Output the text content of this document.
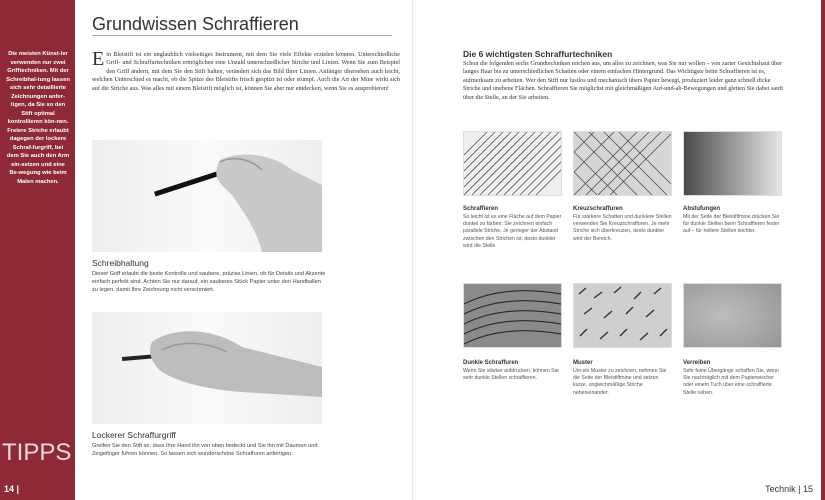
Die meisten Künst-ler verwenden nur zwei Grifftechniken. Mit der Schreibhal-tung lassen sich sehr detaillierte Zeichnungen anfer-tigen, da Sie so den Stift optimal kontrollieren kön-nen. Freiere Striche erlaubt dagegen der lockere Schraf-furgriff, bei dem Sie auch den Arm ein-setzen und eine Be-wegung wie beim Malen machen.
TIPPS
14 |
Grundwissen Schraffieren
E in Bleistift ist ein unglaublich vielseitiges Instrument, mit dem Sie viele Effekte erzielen können. Unterschiedliche Griff- und Schraffurtechniken ermöglichen eine Unzahl unterschiedlicher Striche und Linien. Wenn Sie zum Beispiel den Griff ändern, mit dem Sie den Stift halten, verändert sich das Bild Ihrer Linien. Anfänger übersehen auch leicht, welchen Unterschied es macht, ob die Spitze des Bleistifts frisch gespitzt ist oder stumpf. Auch die Art der Mine wirkt sich auf die Striche aus. Was alles mit einem Bleistift möglich ist, können Sie aber nur entdecken, wenn Sie es ausprobieren!
Schreibhaltung
Dieser Griff erlaubt die beste Kontrolle und saubere, präzise Linien, ob für Details und Akzente einfach perfekt sind. Achten Sie nur darauf, ein sauberes Stück Papier unter den Handballen zu legen, damit Ihre Zeichnung nicht verschmiert.
Lockerer Schraffurgriff
Greifen Sie den Stift so, dass Ihre Hand ihn von oben bedeckt und Sie ihn mit Daumen und Zeigefinger führen können. So lassen sich wunderschöne Schraffuren anfertigen.
Die 6 wichtigsten Schraffurtechniken
Schon die folgenden sechs Grundtechniken reichen aus, um alles zu zeichnen, was Sie nur wollen – von zarter Gesichtshaut über langes Haar bis zu unterschiedlichen Schatten oder einem einfachen Hintergrund. Das Wichtigste beim Schraffieren ist es, aufmerksam zu arbeiten. Wer den Stift nur lustlos und mechanisch übers Papier bewegt, produziert leider ganz schnell dicke Striche und unebene Flächen. Schraffieren Sie möglichst mit gleichmäßigen Auf-und-ab-Bewegungen und gleiten Sie dabei sanft über die Stelle, an der Sie arbeiten.
Schraffieren
So leicht ist es eine Fläche auf dem Papier dunkel zu färben: Sie zeichnen einfach parallele Striche. Je geringer der Abstand zwischen den Strichen ist, desto dunkler wird die Stelle.
Kreuzschraffuren
Für stärkere Schatten und dunklere Stellen verwenden Sie Kreuzschraffuren. Je mehr Striche sich überkreuzen, desto dunkler wird der Bereich.
Abstufungen
Mit der Seite der Bleistiftmine drücken Sie für dunkle Stellen beim Schraffieren fester auf – für hellere Stellen leichter.
Dunkle Schraffuren
Wenn Sie stärker aufdrücken, können Sie sehr dunkle Stellen schraffieren.
Muster
Um ein Muster zu zeichnen, nehmen Sie die Seite der Bleistiftmine und setzen kurze, ungleichmäßige Striche nebeneinander.
Verreiben
Sehr feine Übergänge schaffen Sie, wenn Sie nachträglich mit dem Papierwischer oder einem Tuch über eine schraffierte Stelle reiben.
Technik | 15
